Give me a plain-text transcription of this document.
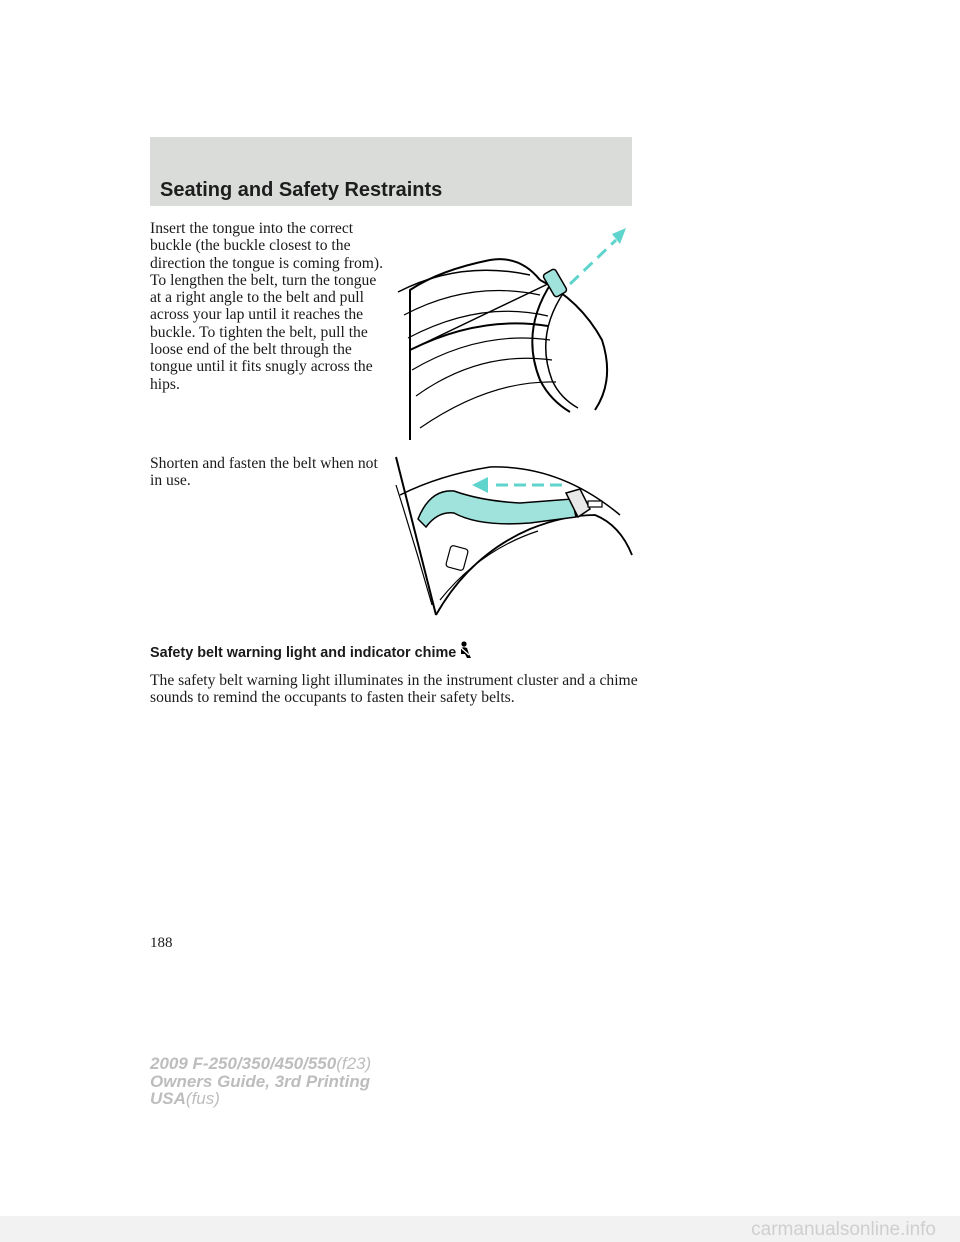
Seating and Safety Restraints

Insert the tongue into the correct buckle (the buckle closest to the direction the tongue is coming from). To lengthen the belt, turn the tongue at a right angle to the belt and pull across your lap until it reaches the buckle. To tighten the belt, pull the loose end of the belt through the tongue until it fits snugly across the hips.

Shorten and fasten the belt when not in use.

Safety belt warning light and indicator chime

The safety belt warning light illuminates in the instrument cluster and a chime sounds to remind the occupants to fasten their safety belts.

188
2009 F-250/350/450/550(f23)
Owners Guide, 3rd Printing
USA(fus)
carmanualsonline.info
